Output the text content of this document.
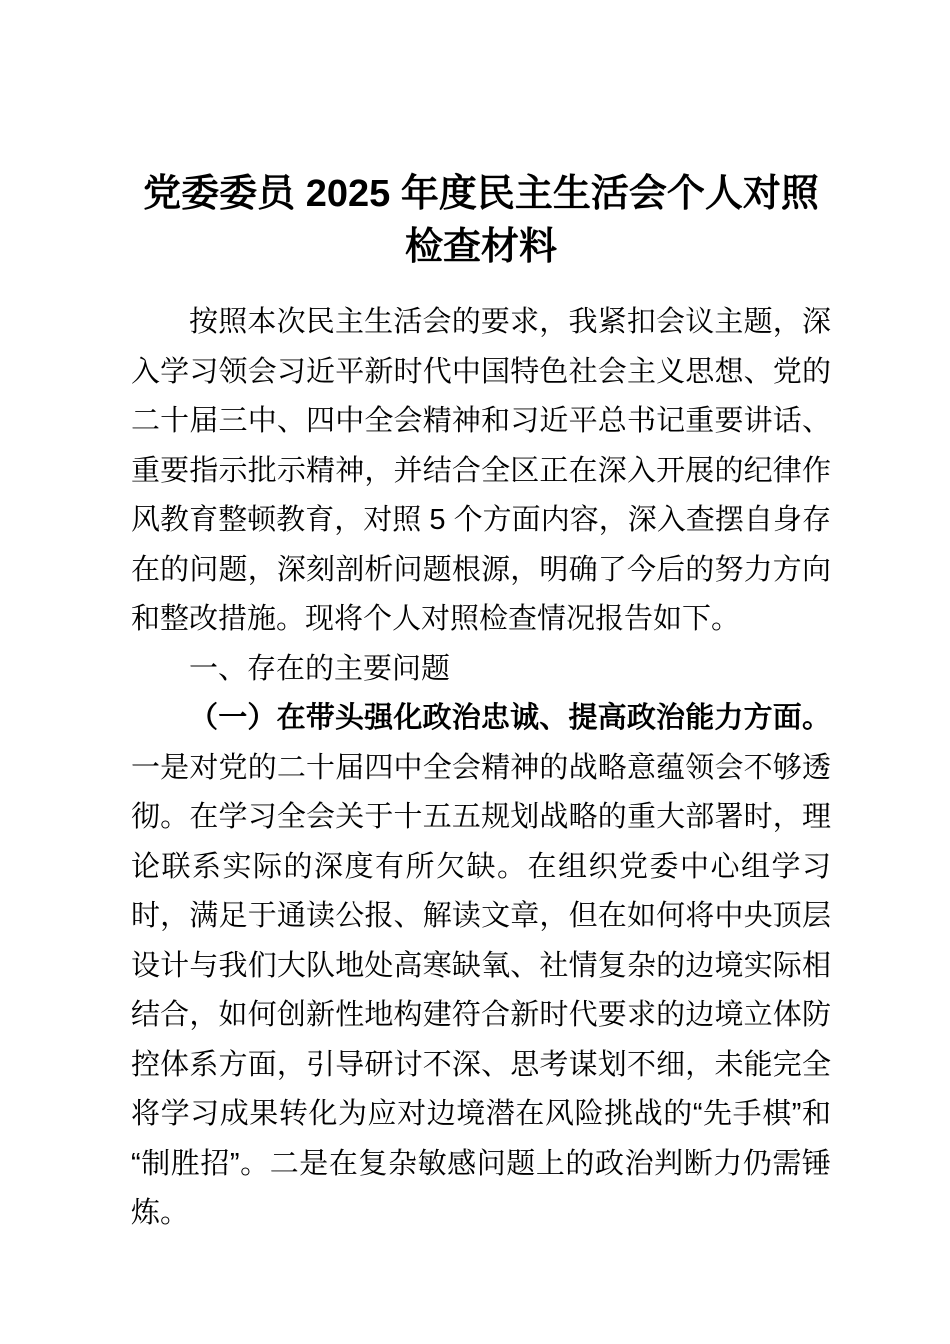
党委委员 2025 年度民主生活会个人对照检查材料

按照本次民主生活会的要求，我紧扣会议主题，深入学习领会习近平新时代中国特色社会主义思想、党的二十届三中、四中全会精神和习近平总书记重要讲话、重要指示批示精神，并结合全区正在深入开展的纪律作风教育整顿教育，对照 5 个方面内容，深入查摆自身存在的问题，深刻剖析问题根源，明确了今后的努力方向和整改措施。现将个人对照检查情况报告如下。

一、存在的主要问题

（一）在带头强化政治忠诚、提高政治能力方面。一是对党的二十届四中全会精神的战略意蕴领会不够透彻。在学习全会关于十五五规划战略的重大部署时，理论联系实际的深度有所欠缺。在组织党委中心组学习时，满足于通读公报、解读文章，但在如何将中央顶层设计与我们大队地处高寒缺氧、社情复杂的边境实际相结合，如何创新性地构建符合新时代要求的边境立体防控体系方面，引导研讨不深、思考谋划不细，未能完全将学习成果转化为应对边境潜在风险挑战的“先手棋”和“制胜招”。二是在复杂敏感问题上的政治判断力仍需锤炼。
